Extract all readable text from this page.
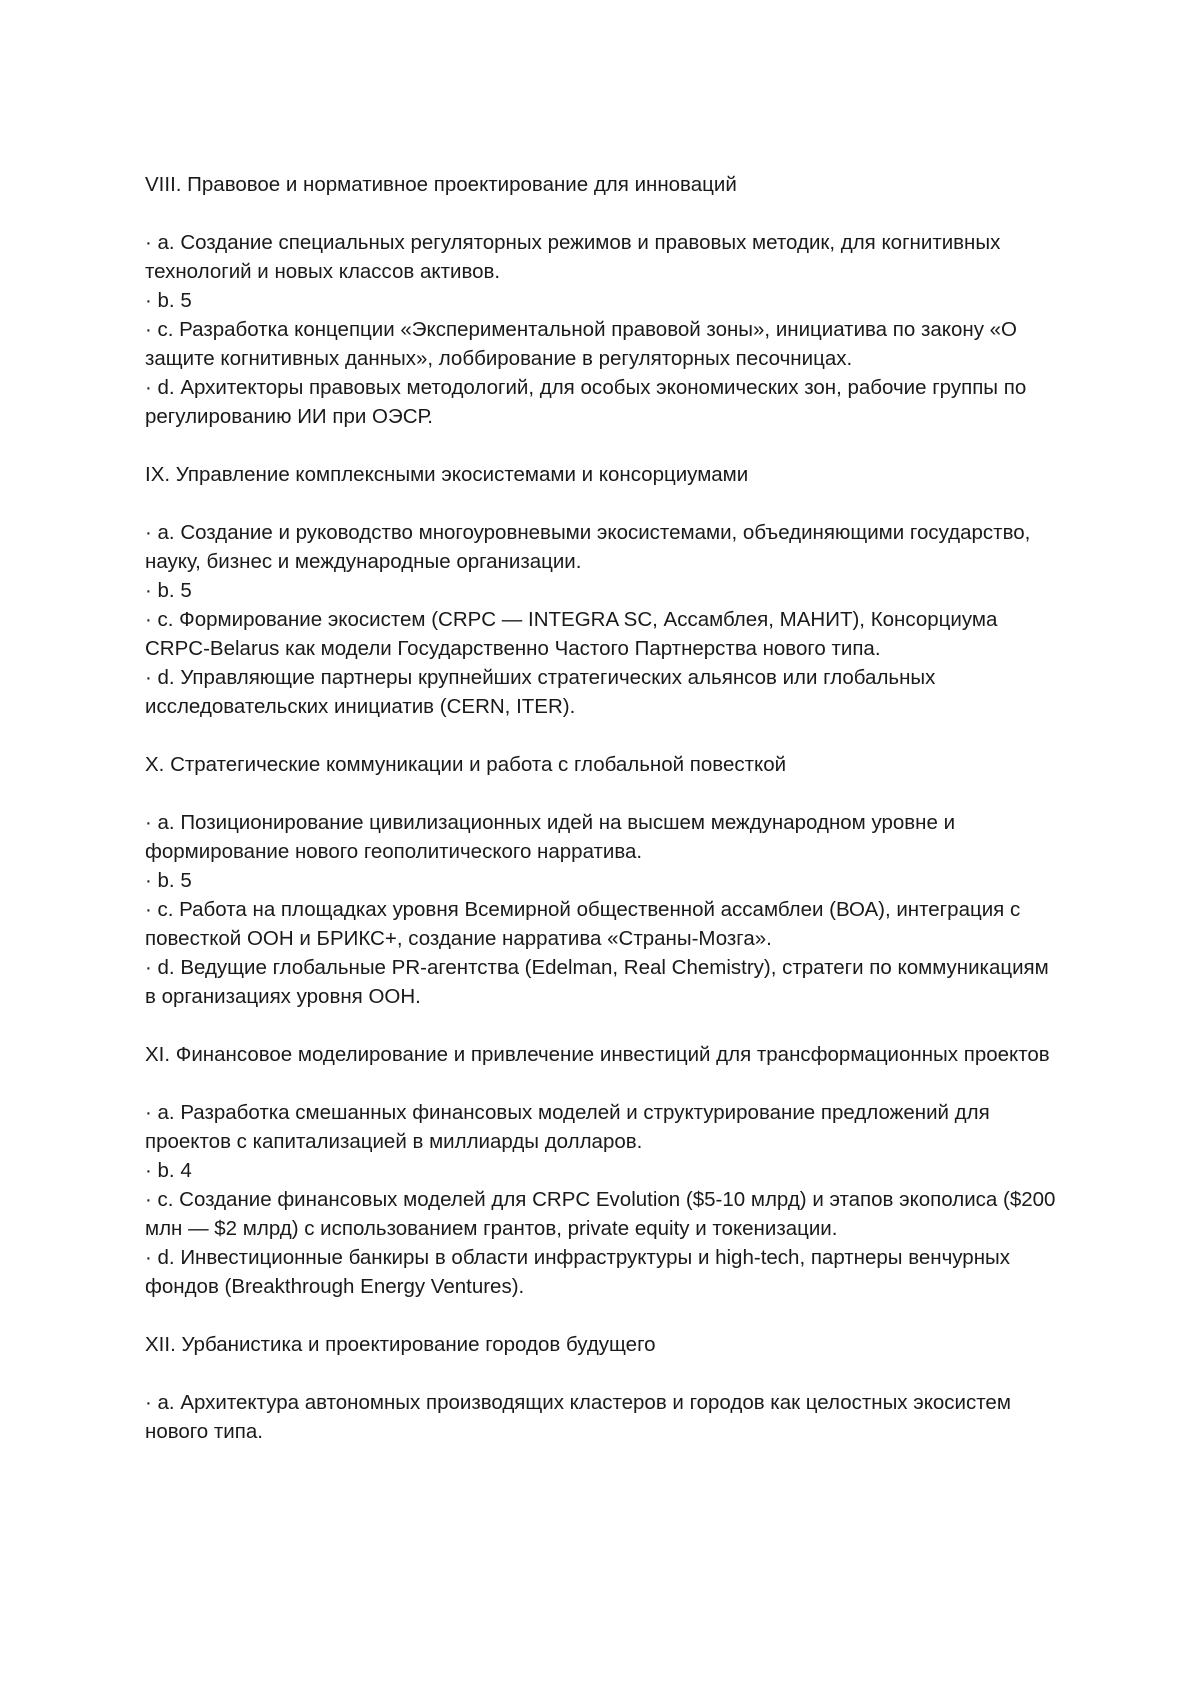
VIII. Правовое и нормативное проектирование для инноваций

· a. Создание специальных регуляторных режимов и правовых методик, для когнитивных технологий и новых классов активов.

· b. 5

· c. Разработка концепции «Экспериментальной правовой зоны», инициатива по закону «О защите когнитивных данных», лоббирование в регуляторных песочницах.

· d. Архитекторы правовых методологий, для особых экономических зон, рабочие группы по регулированию ИИ при ОЭСР.

IX. Управление комплексными экосистемами и консорциумами

· a. Создание и руководство многоуровневыми экосистемами, объединяющими государство, науку, бизнес и международные организации.

· b. 5

· c. Формирование экосистем (CRPC — INTEGRA SC, Ассамблея, МАНИТ), Консорциума CRPC-Belarus как модели Государственно Частого Партнерства нового типа.

· d. Управляющие партнеры крупнейших стратегических альянсов или глобальных исследовательских инициатив (CERN, ITER).

X. Стратегические коммуникации и работа с глобальной повесткой

· a. Позиционирование цивилизационных идей на высшем международном уровне и формирование нового геополитического нарратива.

· b. 5

· c. Работа на площадках уровня Всемирной общественной ассамблеи (ВОА), интеграция с повесткой ООН и БРИКС+, создание нарратива «Страны-Мозга».

· d. Ведущие глобальные PR-агентства (Edelman, Real Chemistry), стратеги по коммуникациям в организациях уровня ООН.

XI. Финансовое моделирование и привлечение инвестиций для трансформационных проектов

· a. Разработка смешанных финансовых моделей и структурирование предложений для проектов с капитализацией в миллиарды долларов.

· b. 4

· c. Создание финансовых моделей для CRPC Evolution ($5-10 млрд) и этапов экополиса ($200 млн — $2 млрд) с использованием грантов, private equity и токенизации.

· d. Инвестиционные банкиры в области инфраструктуры и high-tech, партнеры венчурных фондов (Breakthrough Energy Ventures).

XII. Урбанистика и проектирование городов будущего

· a. Архитектура автономных производящих кластеров и городов как целостных экосистем нового типа.
